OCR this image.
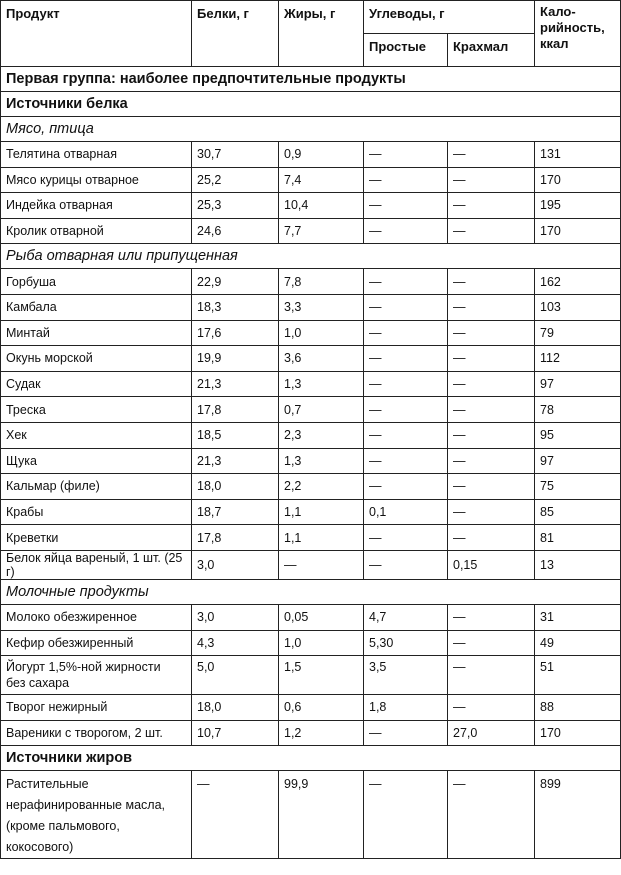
Продукт	Белки, г	Жиры, г	Углеводы, г		Кало-
рийность,
ккал
			Простые	Крахмал	
Первая группа: наиболее предпочтительные продукты					
Источники белка					
Мясо, птица					
Телятина отварная	30,7	0,9	—	—	131
Мясо курицы отварное	25,2	7,4	—	—	170
Индейка отварная	25,3	10,4	—	—	195
Кролик отварной	24,6	7,7	—	—	170
Рыба отварная или припущенная					
Горбуша	22,9	7,8	—	—	162
Камбала	18,3	3,3	—	—	103
Минтай	17,6	1,0	—	—	79
Окунь морской	19,9	3,6	—	—	112
Судак	21,3	1,3	—	—	97
Треска	17,8	0,7	—	—	78
Хек	18,5	2,3	—	—	95
Щука	21,3	1,3	—	—	97
Кальмар (филе)	18,0	2,2	—	—	75
Крабы	18,7	1,1	0,1	—	85
Креветки	17,8	1,1	—	—	81
Белок яйца вареный, 1 шт. (25 г)	3,0	—	—	0,15	13
Молочные продукты					
Молоко обезжиренное	3,0	0,05	4,7	—	31
Кефир обезжиренный	4,3	1,0	5,30	—	49
Йогурт 1,5%-ной жирности
без сахара	5,0	1,5	3,5	—	51
Творог нежирный	18,0	0,6	1,8	—	88
Вареники с творогом, 2 шт.	10,7	1,2	—	27,0	170
Источники жиров					
Растительные
нерафинированные масла,
(кроме пальмового,
кокосового)	—	99,9	—	—	899
